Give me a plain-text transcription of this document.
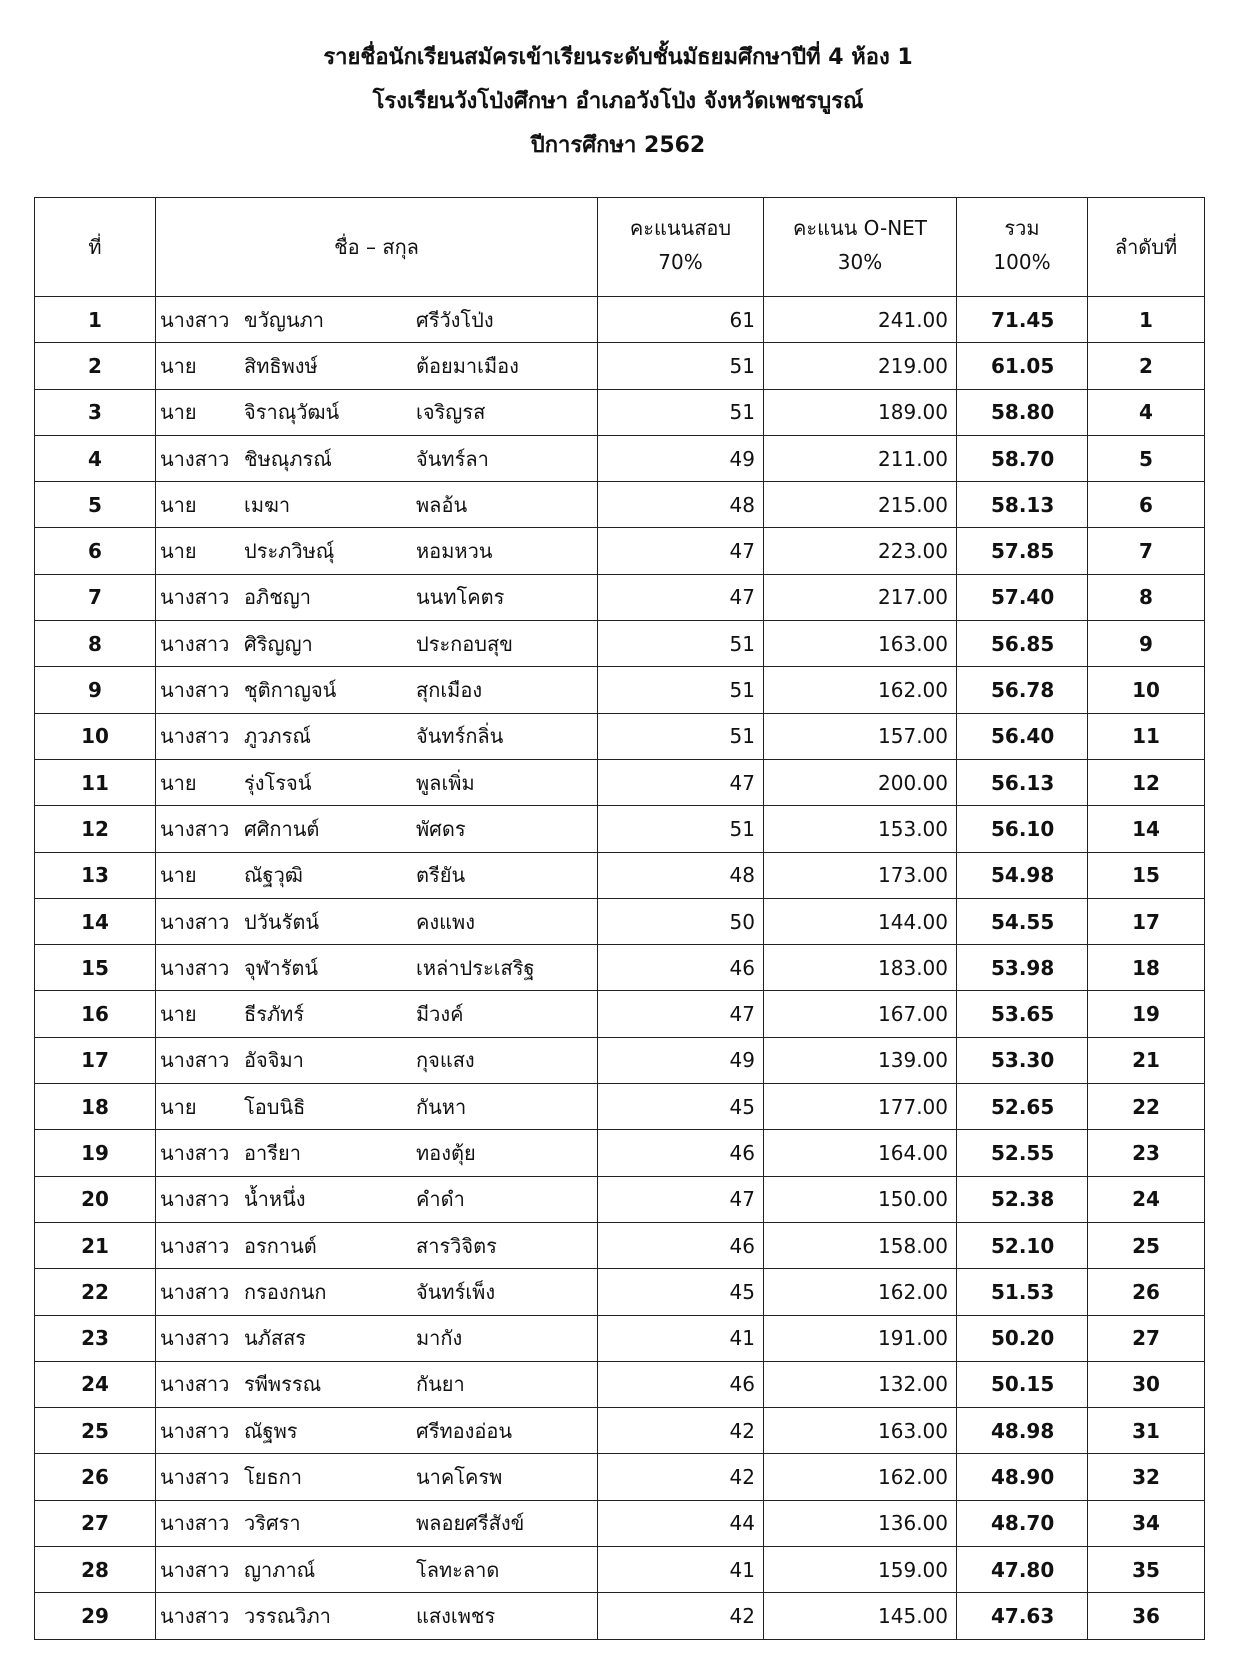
รายชื่อนักเรียนสมัครเข้าเรียนระดับชั้นมัธยมศึกษาปีที่ 4 ห้อง 1
โรงเรียนวังโป่งศึกษา อำเภอวังโป่ง จังหวัดเพชรบูรณ์
ปีการศึกษา 2562
ที่	ชื่อ – สกุล	คะแนนสอบ	คะแนน O-NET	รวม	ลำดับที่
		70%	30%	100%	
1	นางสาว ขวัญนภา ศรีวังโป่ง	61	241.00	71.45	1
2	นาย สิทธิพงษ์ ต้อยมาเมือง	51	219.00	61.05	2
3	นาย จิราณุวัฒน์ เจริญรส	51	189.00	58.80	4
4	นางสาว ชิษณุภรณ์ จันทร์ลา	49	211.00	58.70	5
5	นาย เมฆา พลอ้น	48	215.00	58.13	6
6	นาย ประภวิษณุ์ หอมหวน	47	223.00	57.85	7
7	นางสาว อภิชญา นนทโคตร	47	217.00	57.40	8
8	นางสาว ศิริญญา ประกอบสุข	51	163.00	56.85	9
9	นางสาว ชุติกาญจน์ สุกเมือง	51	162.00	56.78	10
10	นางสาว ภูวภรณ์ จันทร์กลิ่น	51	157.00	56.40	11
11	นาย รุ่งโรจน์ พูลเพิ่ม	47	200.00	56.13	12
12	นางสาว ศศิกานต์ พัศดร	51	153.00	56.10	14
13	นาย ณัฐวุฒิ ตรียัน	48	173.00	54.98	15
14	นางสาว ปวันรัตน์ คงแพง	50	144.00	54.55	17
15	นางสาว จุฬารัตน์ เหล่าประเสริฐ	46	183.00	53.98	18
16	นาย ธีรภัทร์ มีวงค์	47	167.00	53.65	19
17	นางสาว อัจจิมา กุจแสง	49	139.00	53.30	21
18	นาย โอบนิธิ กันหา	45	177.00	52.65	22
19	นางสาว อารียา ทองตุ้ย	46	164.00	52.55	23
20	นางสาว น้ำหนึ่ง คำดำ	47	150.00	52.38	24
21	นางสาว อรกานต์ สารวิจิตร	46	158.00	52.10	25
22	นางสาว กรองกนก จันทร์เพ็ง	45	162.00	51.53	26
23	นางสาว นภัสสร มากัง	41	191.00	50.20	27
24	นางสาว รพีพรรณ กันยา	46	132.00	50.15	30
25	นางสาว ณัฐพร ศรีทองอ่อน	42	163.00	48.98	31
26	นางสาว โยธกา นาคโครพ	42	162.00	48.90	32
27	นางสาว วริศรา พลอยศรีสังข์	44	136.00	48.70	34
28	นางสาว ญาภาณ์ โลทะลาด	41	159.00	47.80	35
29	นางสาว วรรณวิภา แสงเพชร	42	145.00	47.63	36
